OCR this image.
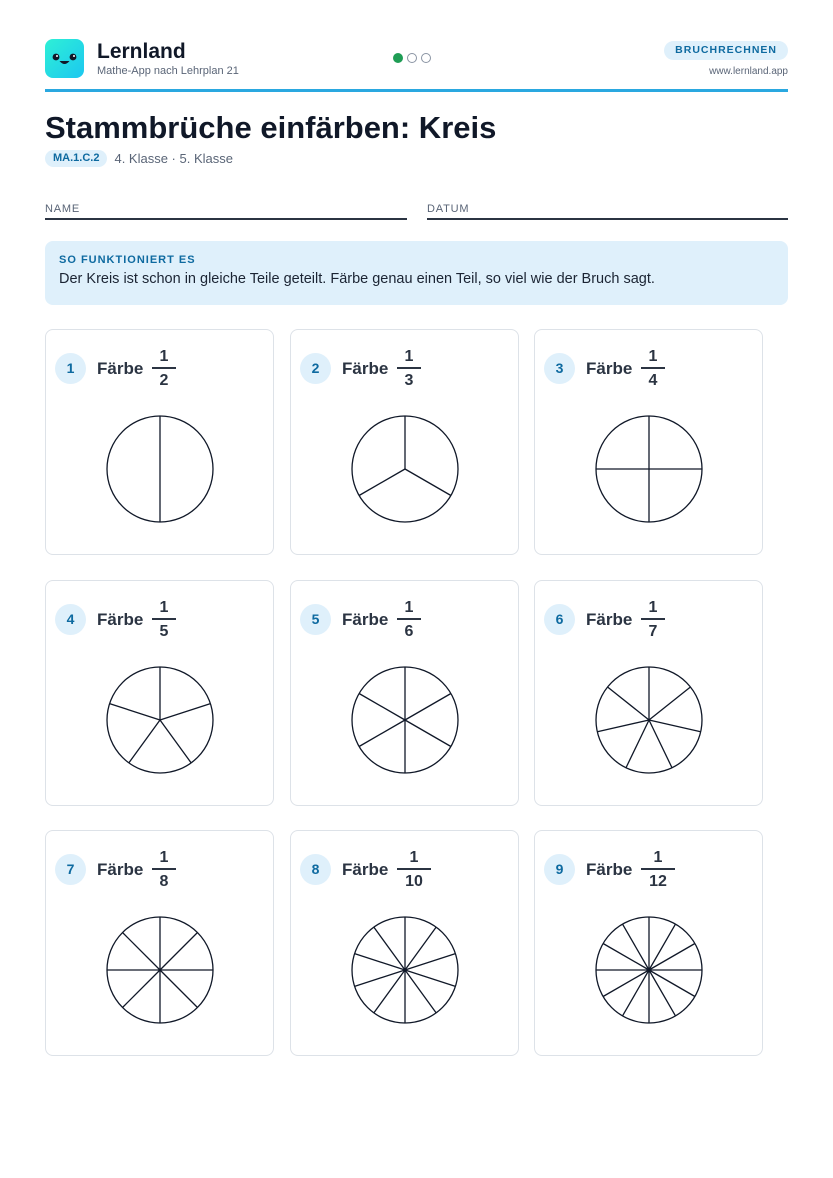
Lernland
Mathe-App nach Lehrplan 21
BRUCHRECHNEN
www.lernland.app
Stammbrüche einfärben: Kreis
MA.1.C.2 4. Klasse · 5. Klasse
NAME	DATUM
SO FUNKTIONIERT ES
Der Kreis ist schon in gleiche Teile geteilt. Färbe genau einen Teil, so viel wie der Bruch sagt.
1	Färbe
1
2
2	Färbe
1
3
3	Färbe
1
4
4	Färbe
1
5
5	Färbe
1
6
6	Färbe
1
7
7	Färbe
1
8
8	Färbe
1
10
9	Färbe
1
12
